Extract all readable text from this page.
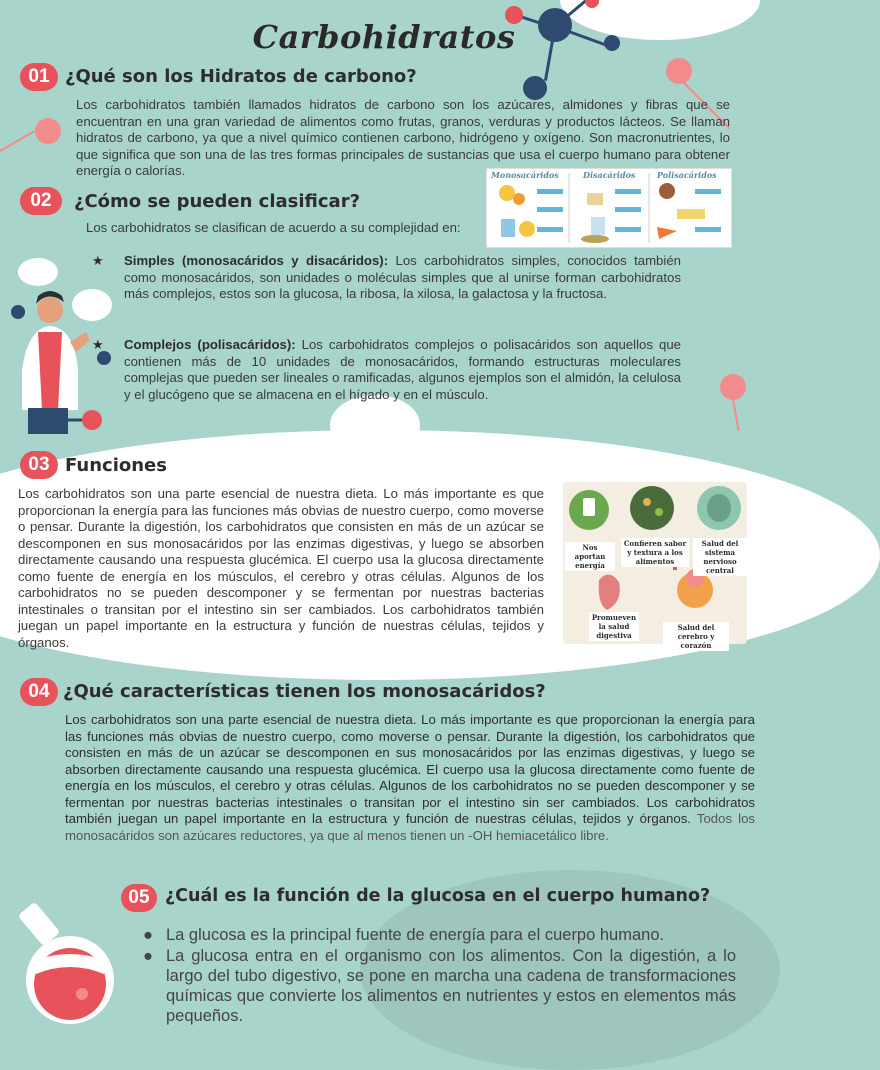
Carbohidratos
01 ¿Qué son los Hidratos de carbono?
Los carbohidratos también llamados hidratos de carbono son los azúcares, almidones y fibras que se encuentran en una gran variedad de alimentos como frutas, granos, verduras y productos lácteos. Se llaman hidratos de carbono, ya que a nivel químico contienen carbono, hidrógeno y oxígeno. Son macronutrientes, lo que significa que son una de las tres formas principales de sustancias que usa el cuerpo humano para obtener energía o calorías.
02	¿Cómo se pueden clasificar?
Los carbohidratos se clasifican de acuerdo a su complejidad en:
Monosacáridos	Disacáridos	Polisacáridos
★ Simples (monosacáridos y disacáridos): Los carbohidratos simples, conocidos también como monosacáridos, son unidades o moléculas simples que al unirse forman carbohidratos más complejos, estos son la glucosa, la ribosa, la xilosa, la galactosa y la fructosa.
★ Complejos (polisacáridos): Los carbohidratos complejos o polisacáridos son aquellos que contienen más de 10 unidades de monosacáridos, formando estructuras moleculares complejas que pueden ser lineales o ramificadas, algunos ejemplos son el almidón, la celulosa y el glucógeno que se almacena en el hígado y en el músculo.
03 Funciones
Los carbohidratos son una parte esencial de nuestra dieta. Lo más importante es que proporcionan la energía para las funciones más obvias de nuestro cuerpo, como moverse o pensar. Durante la digestión, los carbohidratos que consisten en más de un azúcar se descomponen en sus monosacáridos por las enzimas digestivas, y luego se absorben directamente causando una respuesta glucémica. El cuerpo usa la glucosa directamente como fuente de energía en los músculos, el cerebro y otras células. Algunos de los carbohidratos no se pueden descomponer y se fermentan por nuestras bacterias intestinales o transitan por el intestino sin ser cambiados. Los carbohidratos también juegan un papel importante en la estructura y función de nuestras células, tejidos y órganos.
Nos aportan energía
Confieren sabor y textura a los alimentos
Salud del sistema nervioso central
Promueven la salud digestiva
Salud del cerebro y corazón
04 ¿Qué características tienen los monosacáridos?
Los carbohidratos son una parte esencial de nuestra dieta. Lo más importante es que proporcionan la energía para las funciones más obvias de nuestro cuerpo, como moverse o pensar. Durante la digestión, los carbohidratos que consisten en más de un azúcar se descomponen en sus monosacáridos por las enzimas digestivas, y luego se absorben directamente causando una respuesta glucémica. El cuerpo usa la glucosa directamente como fuente de energía en los músculos, el cerebro y otras células. Algunos de los carbohidratos no se pueden descomponer y se fermentan por nuestras bacterias intestinales o transitan por el intestino sin ser cambiados. Los carbohidratos también juegan un papel importante en la estructura y función de nuestras células, tejidos y órganos. Todos los monosacáridos son azúcares reductores, ya que al menos tienen un -OH hemiacetálico libre.
05 ¿Cuál es la función de la glucosa en el cuerpo humano?
● La glucosa es la principal fuente de energía para el cuerpo humano.
● La glucosa entra en el organismo con los alimentos. Con la digestión, a lo largo del tubo digestivo, se pone en marcha una cadena de transformaciones químicas que convierte los alimentos en nutrientes y estos en elementos más pequeños.
